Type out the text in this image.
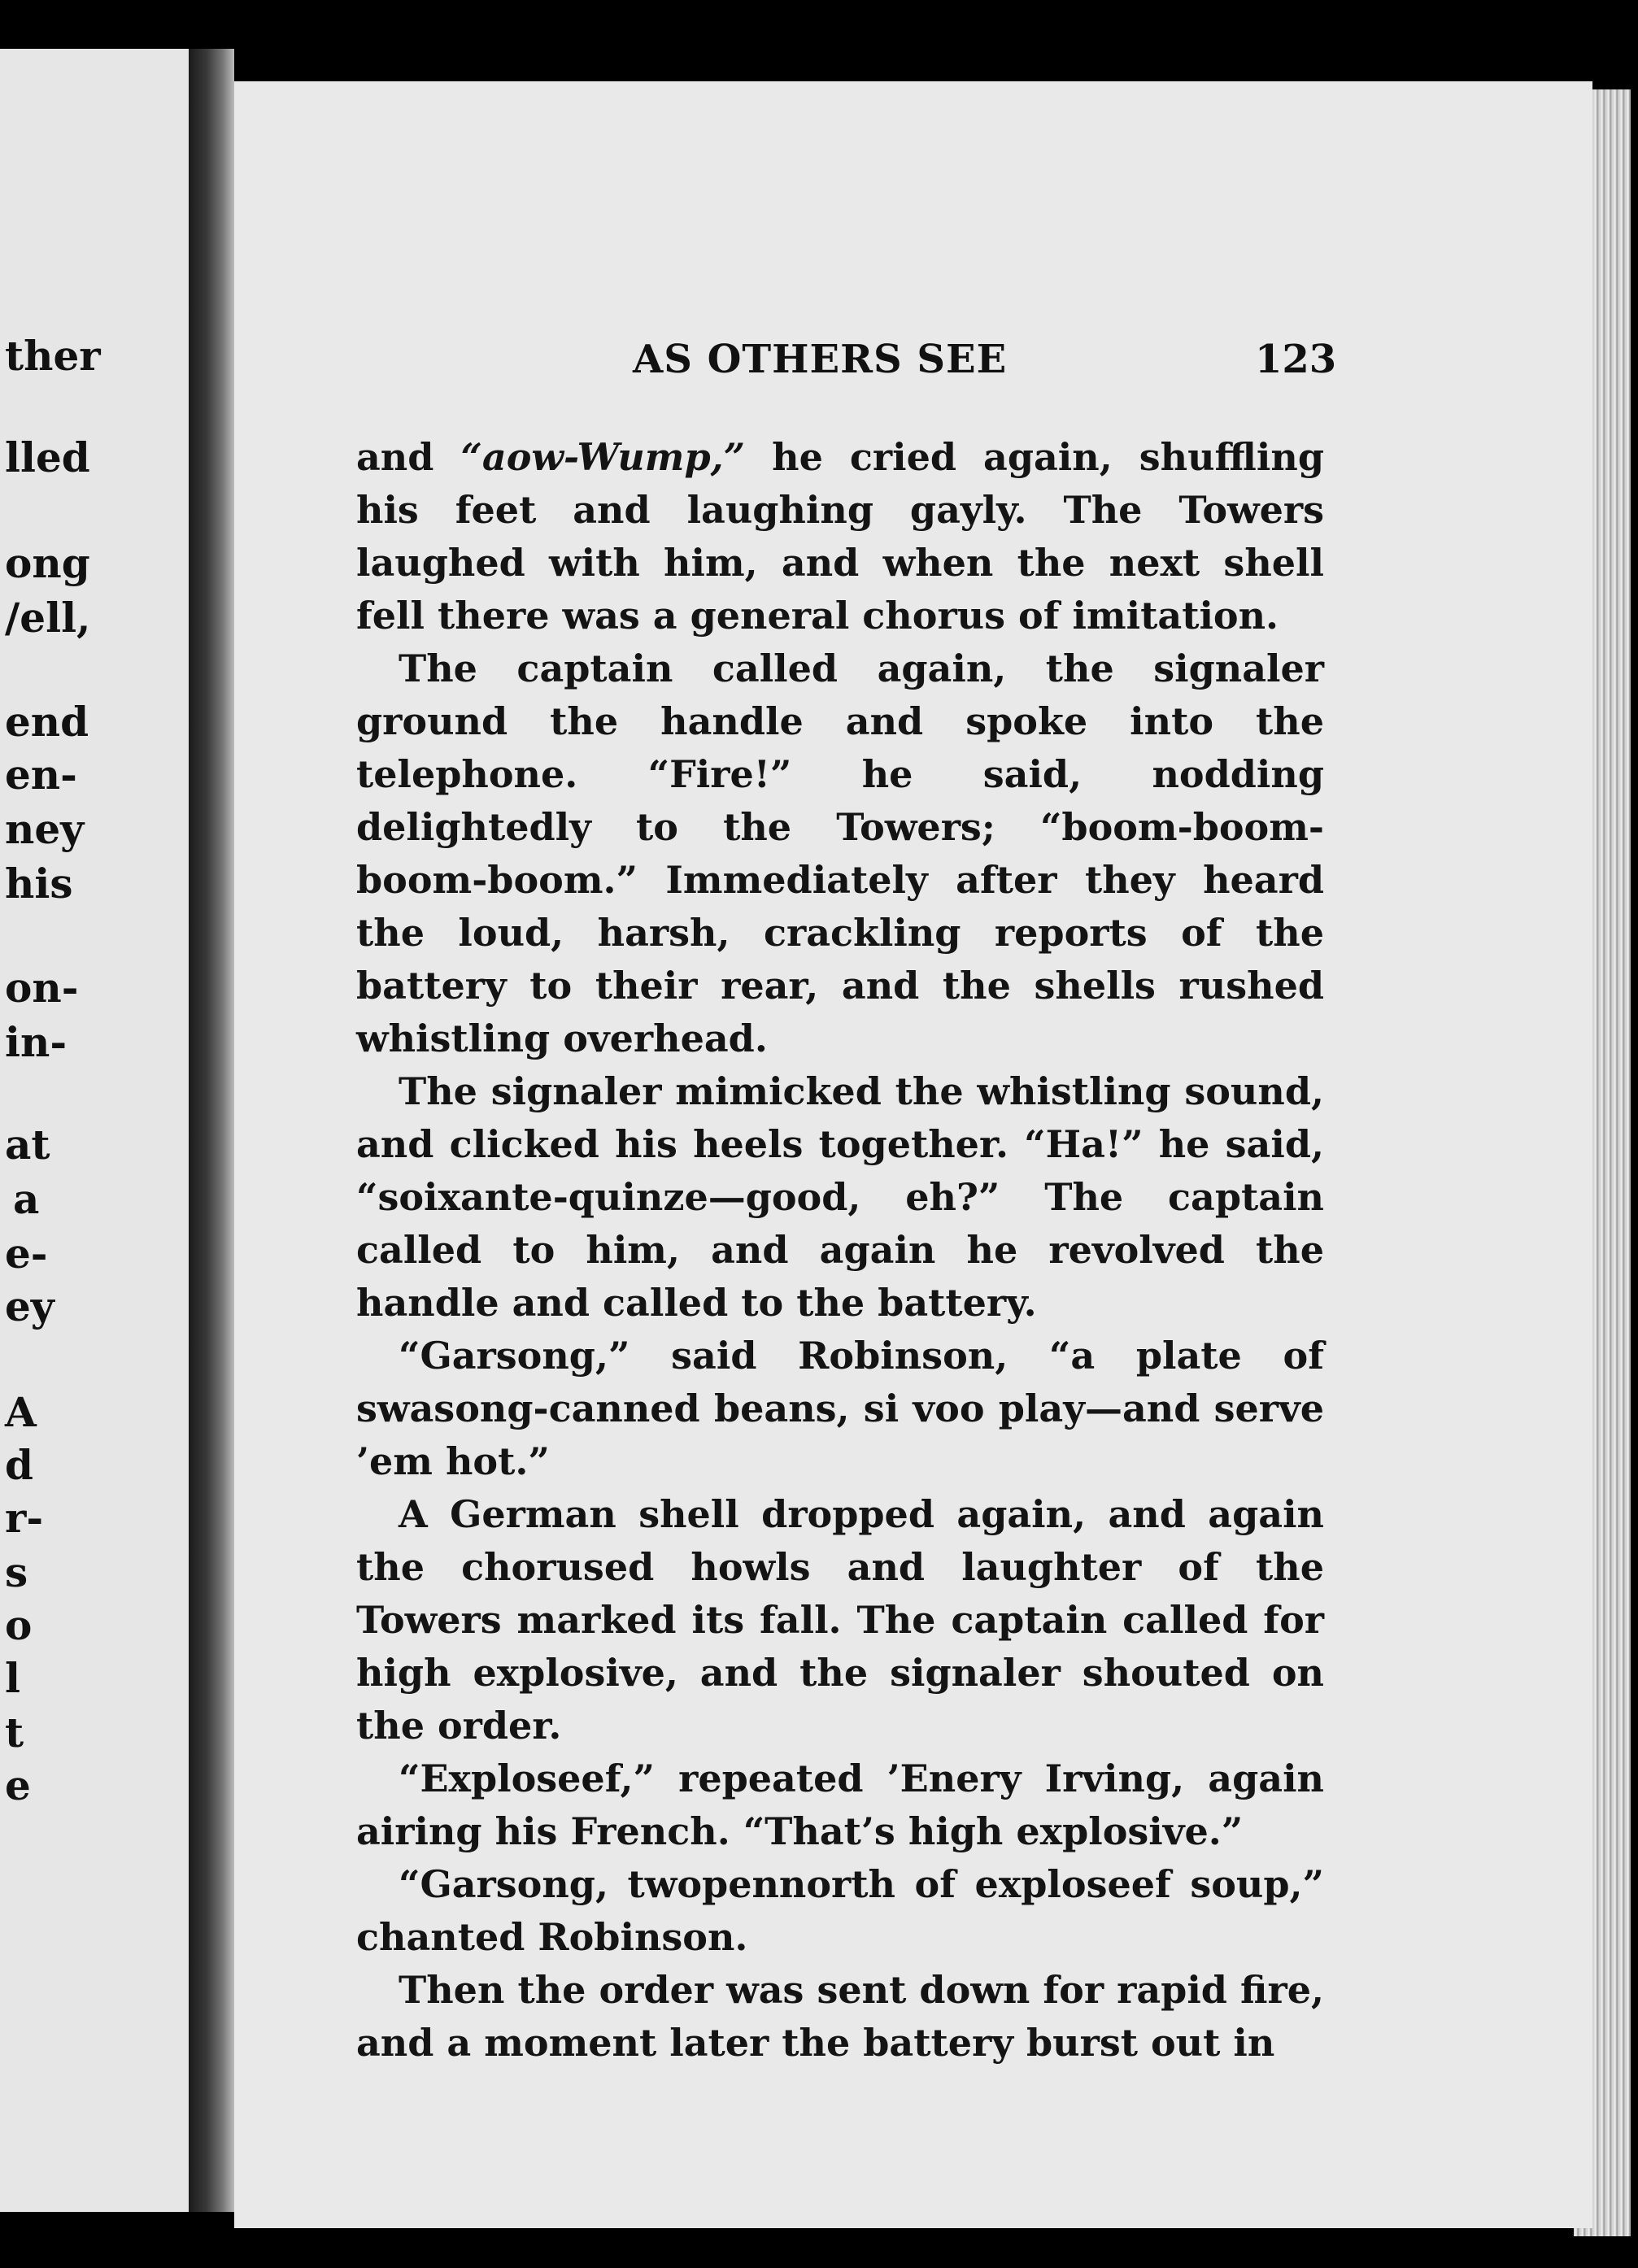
ther
lled
ong
/ell,
end
en-
ney
his
on-
in-
at
a
e-
ey
A
d
r-
s
o
l
t
e
AS OTHERS SEE	123

and “aow-Wump,” he cried again, shuffling his feet and laughing gayly. The Towers laughed with him, and when the next shell fell there was a general chorus of imitation.

The captain called again, the signaler ground the handle and spoke into the telephone. “Fire!” he said, nodding delightedly to the Towers; “boom-boom-boom-boom.” Immediately after they heard the loud, harsh, crackling reports of the battery to their rear, and the shells rushed whistling overhead.

The signaler mimicked the whistling sound, and clicked his heels together. “Ha!” he said, “soixante-quinze—good, eh?” The captain called to him, and again he revolved the handle and called to the battery.

“Garsong,” said Robinson, “a plate of swasong-canned beans, si voo play—and serve ’em hot.”

A German shell dropped again, and again the chorused howls and laughter of the Towers marked its fall. The captain called for high explosive, and the signaler shouted on the order.

“Exploseef,” repeated ’Enery Irving, again airing his French. “That’s high explosive.”

“Garsong, twopennorth of exploseef soup,” chanted Robinson.

Then the order was sent down for rapid fire, and a moment later the battery burst out in
